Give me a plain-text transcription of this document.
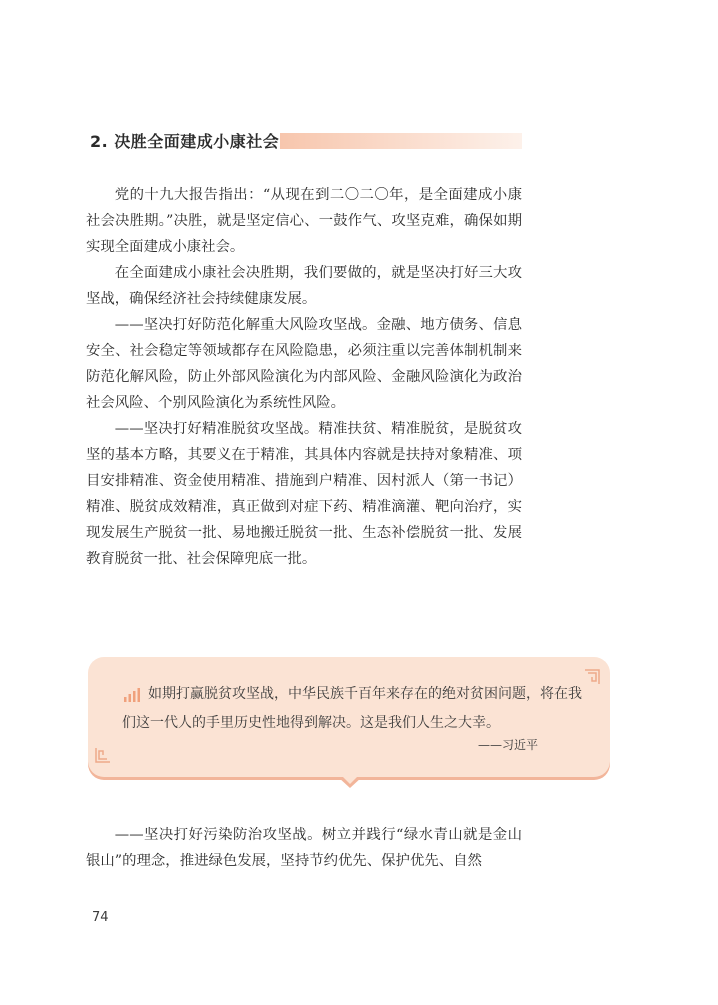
2. 决胜全面建成小康社会

党的十九大报告指出：“从现在到二〇二〇年，是全面建成小康社会决胜期。”决胜，就是坚定信心、一鼓作气、攻坚克难，确保如期实现全面建成小康社会。

在全面建成小康社会决胜期，我们要做的，就是坚决打好三大攻坚战，确保经济社会持续健康发展。

——坚决打好防范化解重大风险攻坚战。金融、地方债务、信息安全、社会稳定等领域都存在风险隐患，必须注重以完善体制机制来防范化解风险，防止外部风险演化为内部风险、金融风险演化为政治社会风险、个别风险演化为系统性风险。

——坚决打好精准脱贫攻坚战。精准扶贫、精准脱贫，是脱贫攻坚的基本方略，其要义在于精准，其具体内容就是扶持对象精准、项目安排精准、资金使用精准、措施到户精准、因村派人（第一书记）精准、脱贫成效精准，真正做到对症下药、精准滴灌、靶向治疗，实现发展生产脱贫一批、易地搬迁脱贫一批、生态补偿脱贫一批、发展教育脱贫一批、社会保障兜底一批。

如期打赢脱贫攻坚战，中华民族千百年来存在的绝对贫困问题，将在我们这一代人的手里历史性地得到解决。这是我们人生之大幸。
——习近平

——坚决打好污染防治攻坚战。树立并践行“绿水青山就是金山银山”的理念，推进绿色发展，坚持节约优先、保护优先、自然

74
